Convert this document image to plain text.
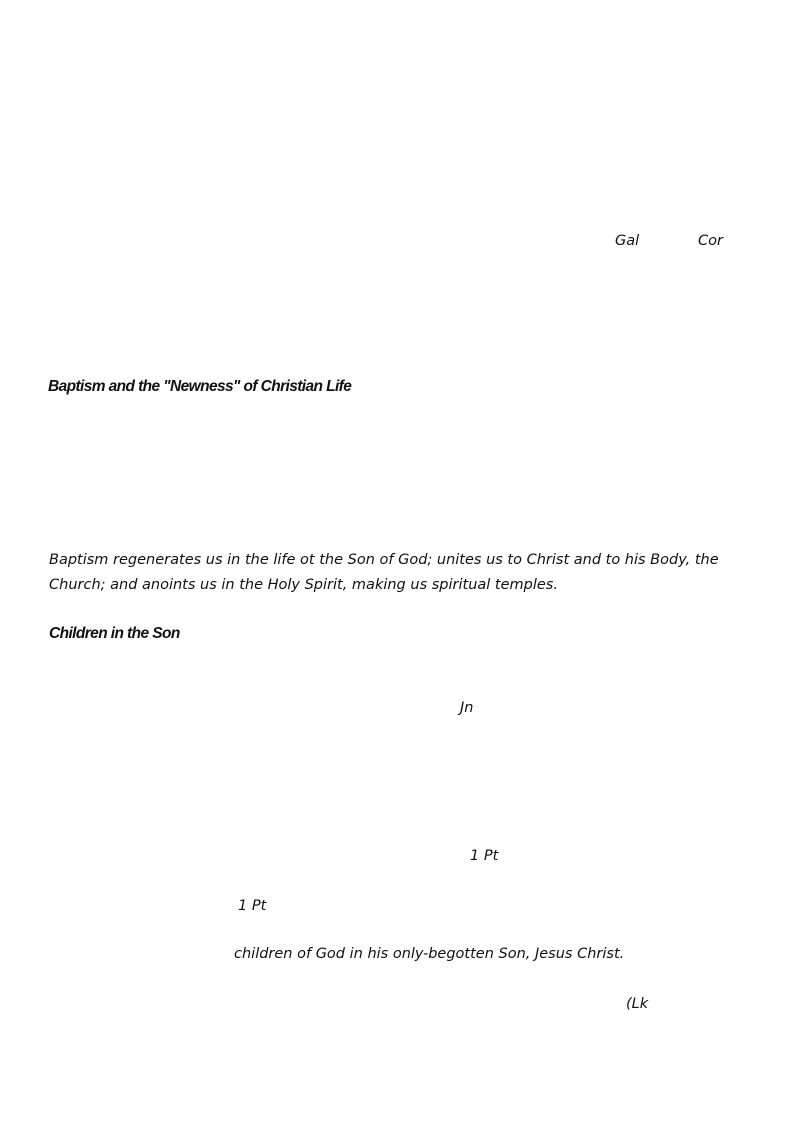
Gal	Cor
Baptism and the "Newness" of Christian Life

Baptism regenerates us in the life ot the Son of God; unites us to Christ and to his Body, the Church; and anoints us in the Holy Spirit, making us spiritual temples.

Children in the Son
Jn
1 Pt
1 Pt
children of God in his only-begotten Son, Jesus Christ.
(Lk
